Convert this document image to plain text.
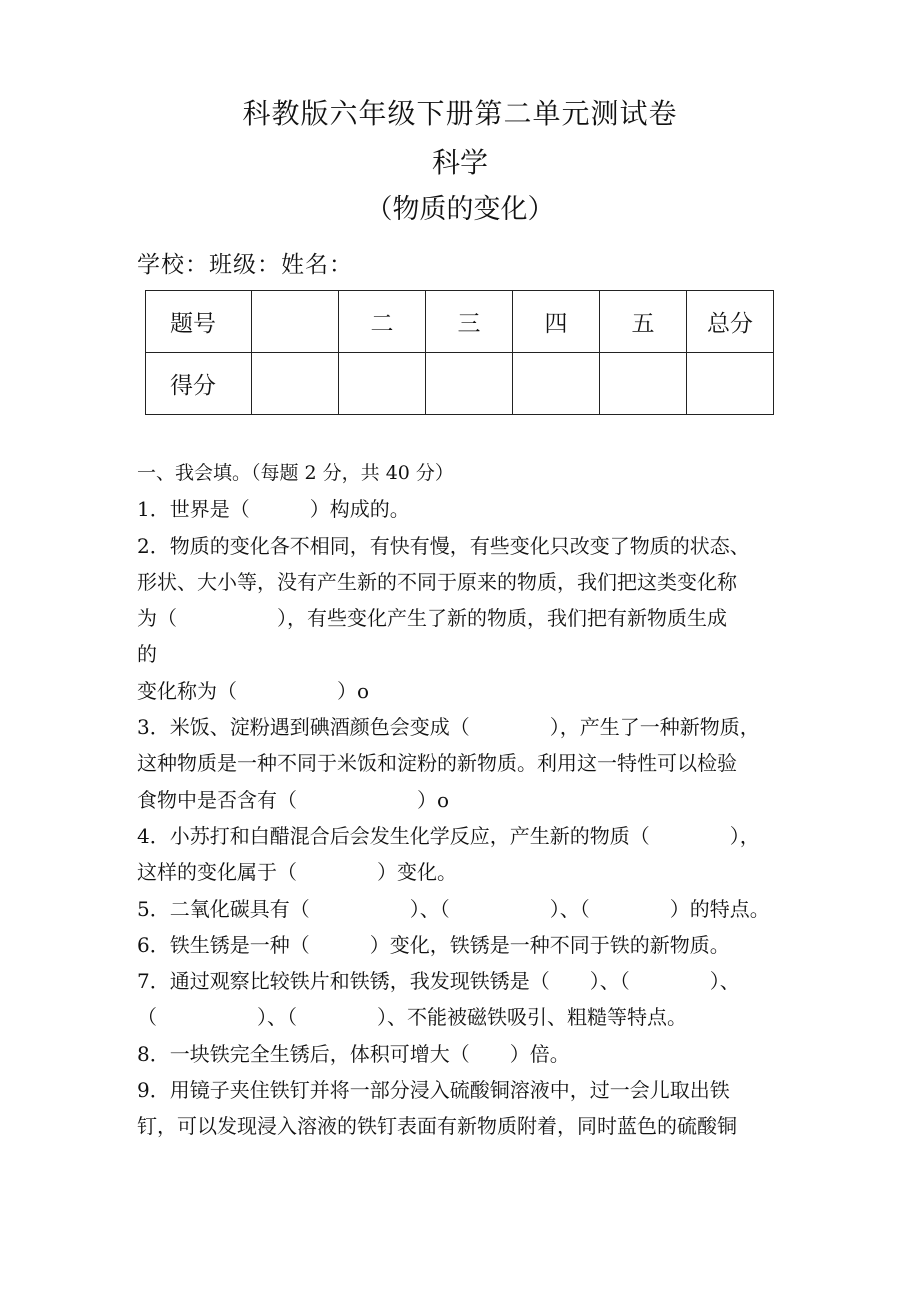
科教版六年级下册第二单元测试卷
科学
（物质的变化）
学校：班级：姓名：
题号		二	三	四	五	总分
得分						
一、我会填。（每题 2 分，共 40 分）
1．世界是（　　　）构成的。
2．物质的变化各不相同，有快有慢，有些变化只改变了物质的状态、
形状、大小等，没有产生新的不同于原来的物质，我们把这类变化称
为（　　　　　），有些变化产生了新的物质，我们把有新物质生成
的
变化称为（　　　　　）o
3．米饭、淀粉遇到碘酒颜色会变成（　　　　），产生了一种新物质，
这种物质是一种不同于米饭和淀粉的新物质。利用这一特性可以检验
食物中是否含有（　　　　　　）o
4．小苏打和白醋混合后会发生化学反应，产生新的物质（　　　　），
这样的变化属于（　　　　）变化。
5．二氧化碳具有（　　　　　）、（　　　　　）、（　　　　）的特点。
6．铁生锈是一种（　　　）变化，铁锈是一种不同于铁的新物质。
7．通过观察比较铁片和铁锈，我发现铁锈是（　　）、（　　　　）、
（　　　　　）、（　　　　）、不能被磁铁吸引、粗糙等特点。
8．一块铁完全生锈后，体积可增大（　　）倍。
9．用镜子夹住铁钉并将一部分浸入硫酸铜溶液中，过一会儿取出铁
钉，可以发现浸入溶液的铁钉表面有新物质附着，同时蓝色的硫酸铜
